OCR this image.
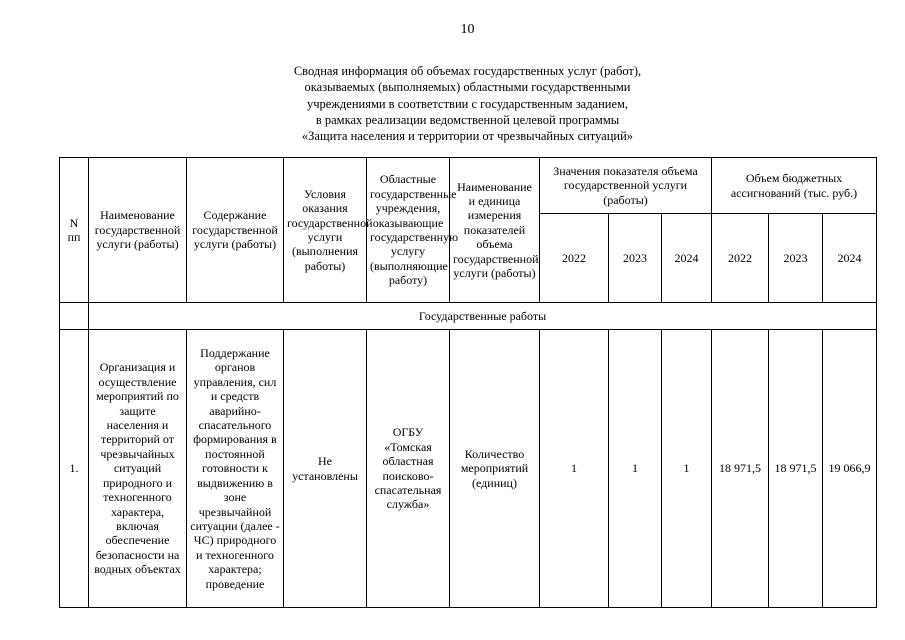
10
Сводная информация об объемах государственных услуг (работ),
оказываемых (выполняемых) областными государственными
учреждениями в соответствии с государственным заданием,
в рамках реализации ведомственной целевой программы
«Защита населения и территории от чрезвычайных ситуаций»
N пп	Наименование государственной услуги (работы)	Содержание государственной услуги (работы)	Условия оказания государственной услуги (выполнения работы)	Областные государственные учреждения, оказывающие государственную услугу (выполняющие работу)	Наименование и единица измерения показателей объема государственной услуги (работы)	Значения показателя объема государственной услуги (работы)			Объем бюджетных ассигнований (тыс. руб.)		
						2022	2023	2024	2022	2023	2024
	Государственные работы										
1.	Организация и осуществление мероприятий по защите населения и территорий от чрезвычайных ситуаций природного и техногенного характера, включая обеспечение безопасности на водных объектах	Поддержание органов управления, сил и средств аварийно-спасательного формирования в постоянной готовности к выдвижению в зоне чрезвычайной ситуации (далее - ЧС) природного и техногенного характера; проведение	Не установлены	ОГБУ «Томская областная поисково-спасательная служба»	Количество мероприятий (единиц)	1	1	1	18 971,5	18 971,5	19 066,9
